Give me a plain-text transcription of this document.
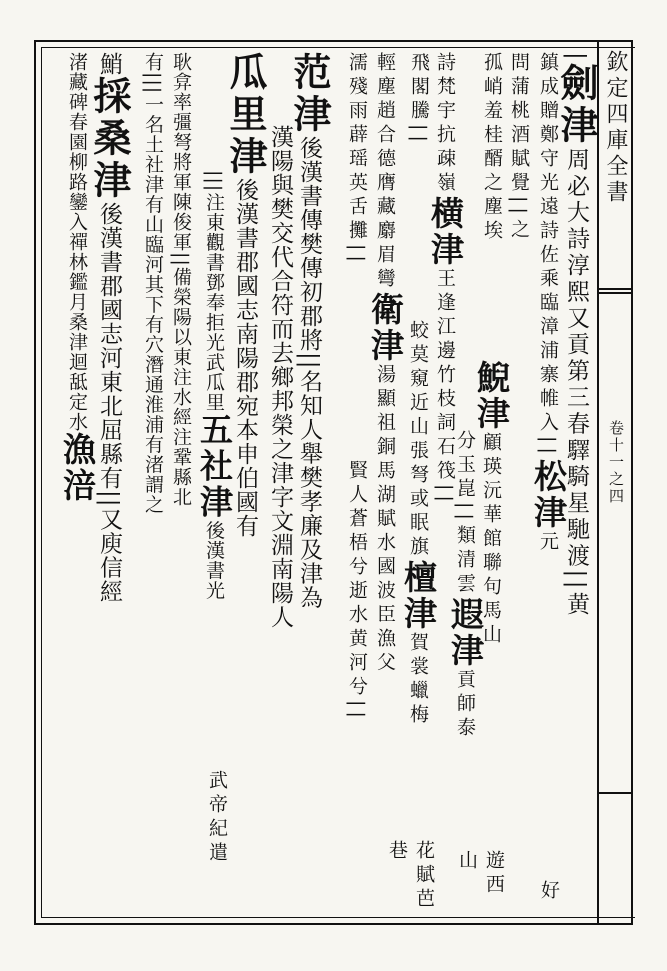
欽定四庫全書
卷十一之四
|劍津周必大詩淳熙又貢第三春驛騎星馳渡||黄
鎮成贈鄭守光遠詩佐乘臨漳浦寨帷入||松津元
好
問蒲桃酒賦覺||之
孤峭羞桂醑之塵埃
鯢津顧瑛沅華館聯句馬山
分玉崑||類清雲遐津貢師泰
遊西山
詩梵宇抗疎嶺横津王逢江邊竹枝詞石筏||
飛閣騰||
蛟莫窺近山張弩或眠旗檀津賀裳蠟梅
花賦芭巷
輕塵趙合德膺藏麝眉彎衛津湯顯祖銅馬湖賦水國波臣漁父
濡殘雨薜瑶英舌攤||
賢人蒼梧兮逝水黄河兮||
范津後漢書傳樊傳初郡將||名知人舉樊孝廉及津為
漢陽與樊交代合符而去鄉邦榮之津字文淵南陽人
瓜里津後漢書郡國志南陽郡宛本申伯國有
|||注東觀書鄧奉拒光武瓜里五社津後漢書光
武帝紀遣
耿弇率彊弩將軍陳俊軍||備榮陽以東注水經注鞏縣北
有|||一名土社津有山臨河其下有穴潛通淮浦有渚謂之
鮹採桑津後漢書郡國志河東北屈縣有||又庾信經
渚藏碑春園柳路鑾入禪林鑑月桑津迴䑛定水漁涪
